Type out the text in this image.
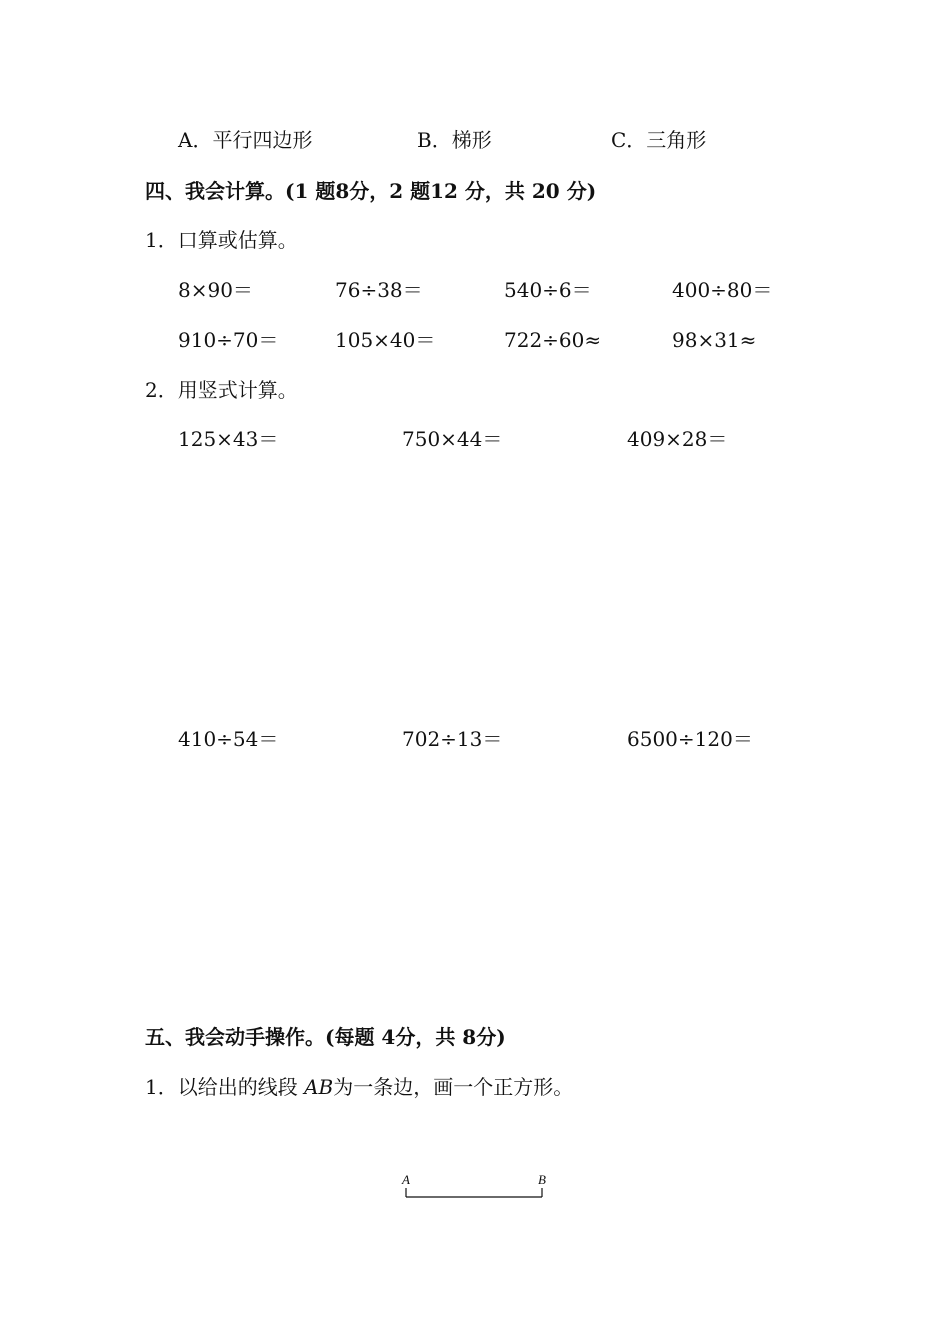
A．平行四边形	B．梯形	C．三角形
四、我会计算。(1 题8分，2 题12 分，共 20 分)
1．口算或估算。
8×90＝	76÷38＝	540÷6＝	400÷80＝
910÷70＝	105×40＝	722÷60≈	98×31≈
2．用竖式计算。
125×43＝	750×44＝	409×28＝
410÷54＝	702÷13＝	6500÷120＝
五、我会动手操作。(每题 4分，共 8分)
1．以给出的线段 AB为一条边，画一个正方形。
A	B
